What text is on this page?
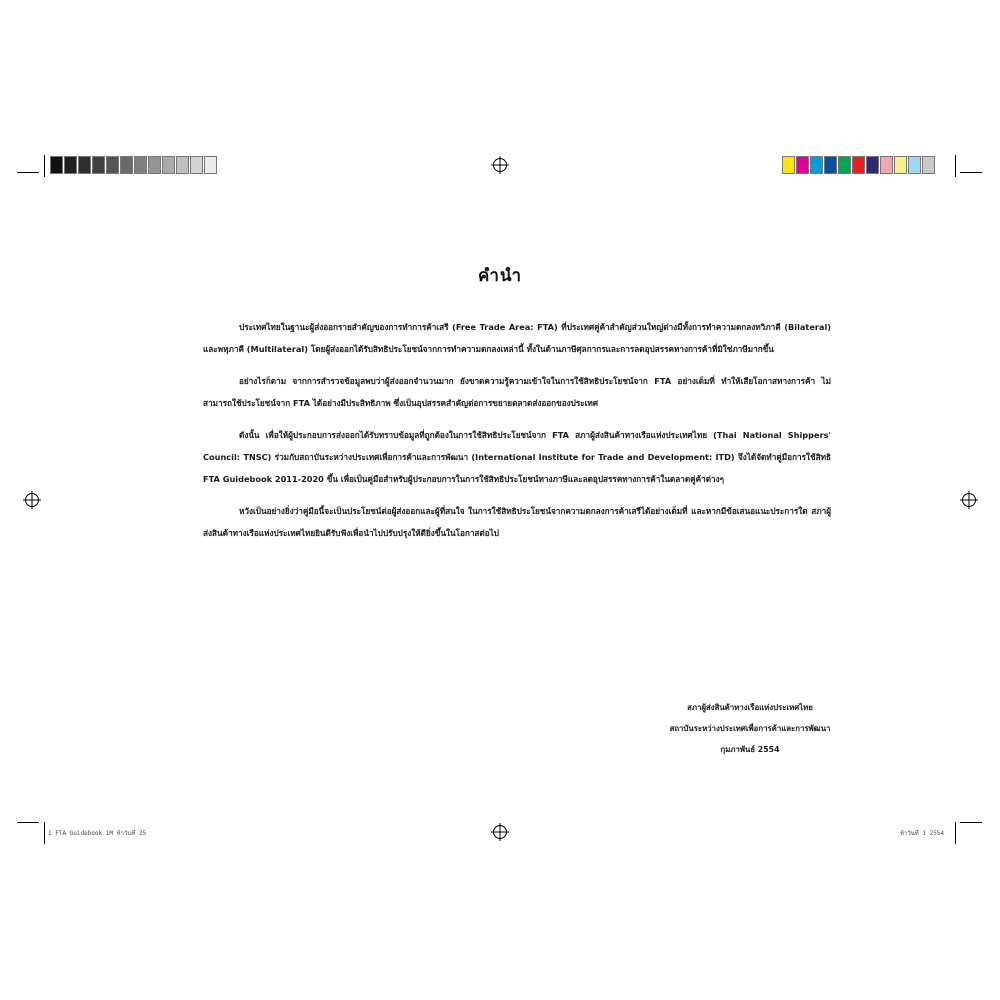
1 FTA Guidebook 1M ห้าวันที่ 25	ห้าวันที่ 1 2554
คำนำ

ประเทศไทยในฐานะผู้ส่งออกรายสำคัญของการทำการค้าเสรี (Free Trade Area: FTA) ที่ประเทศคู่ค้าสำคัญส่วนใหญ่ต่างมีทั้งการทำความตกลงทวิภาคี (Bilateral) และพหุภาคี (Multilateral) โดยผู้ส่งออกได้รับสิทธิประโยชน์จากการทำความตกลงเหล่านี้ ทั้งในด้านภาษีศุลกากรและการลดอุปสรรคทางการค้าที่มิใช่ภาษีมากขึ้น

อย่างไรก็ตาม จากการสำรวจข้อมูลพบว่าผู้ส่งออกจำนวนมาก ยังขาดความรู้ความเข้าใจในการใช้สิทธิประโยชน์จาก FTA อย่างเต็มที่ ทำให้เสียโอกาสทางการค้า ไม่สามารถใช้ประโยชน์จาก FTA ได้อย่างมีประสิทธิภาพ ซึ่งเป็นอุปสรรคสำคัญต่อการขยายตลาดส่งออกของประเทศ

ดังนั้น เพื่อให้ผู้ประกอบการส่งออกได้รับทราบข้อมูลที่ถูกต้องในการใช้สิทธิประโยชน์จาก FTA สภาผู้ส่งสินค้าทางเรือแห่งประเทศไทย (Thai National Shippers' Council: TNSC) ร่วมกับสถาบันระหว่างประเทศเพื่อการค้าและการพัฒนา (International Institute for Trade and Development: ITD) จึงได้จัดทำคู่มือการใช้สิทธิ FTA Guidebook 2011-2020 ขึ้น เพื่อเป็นคู่มือสำหรับผู้ประกอบการในการใช้สิทธิประโยชน์ทางภาษีและลดอุปสรรคทางการค้าในตลาดคู่ค้าต่างๆ

หวังเป็นอย่างยิ่งว่าคู่มือนี้จะเป็นประโยชน์ต่อผู้ส่งออกและผู้ที่สนใจ ในการใช้สิทธิประโยชน์จากความตกลงการค้าเสรีได้อย่างเต็มที่ และหากมีข้อเสนอแนะประการใด สภาผู้ส่งสินค้าทางเรือแห่งประเทศไทยยินดีรับฟังเพื่อนำไปปรับปรุงให้ดียิ่งขึ้นในโอกาสต่อไป

สภาผู้ส่งสินค้าทางเรือแห่งประเทศไทย
สถาบันระหว่างประเทศเพื่อการค้าและการพัฒนา
กุมภาพันธ์ 2554
